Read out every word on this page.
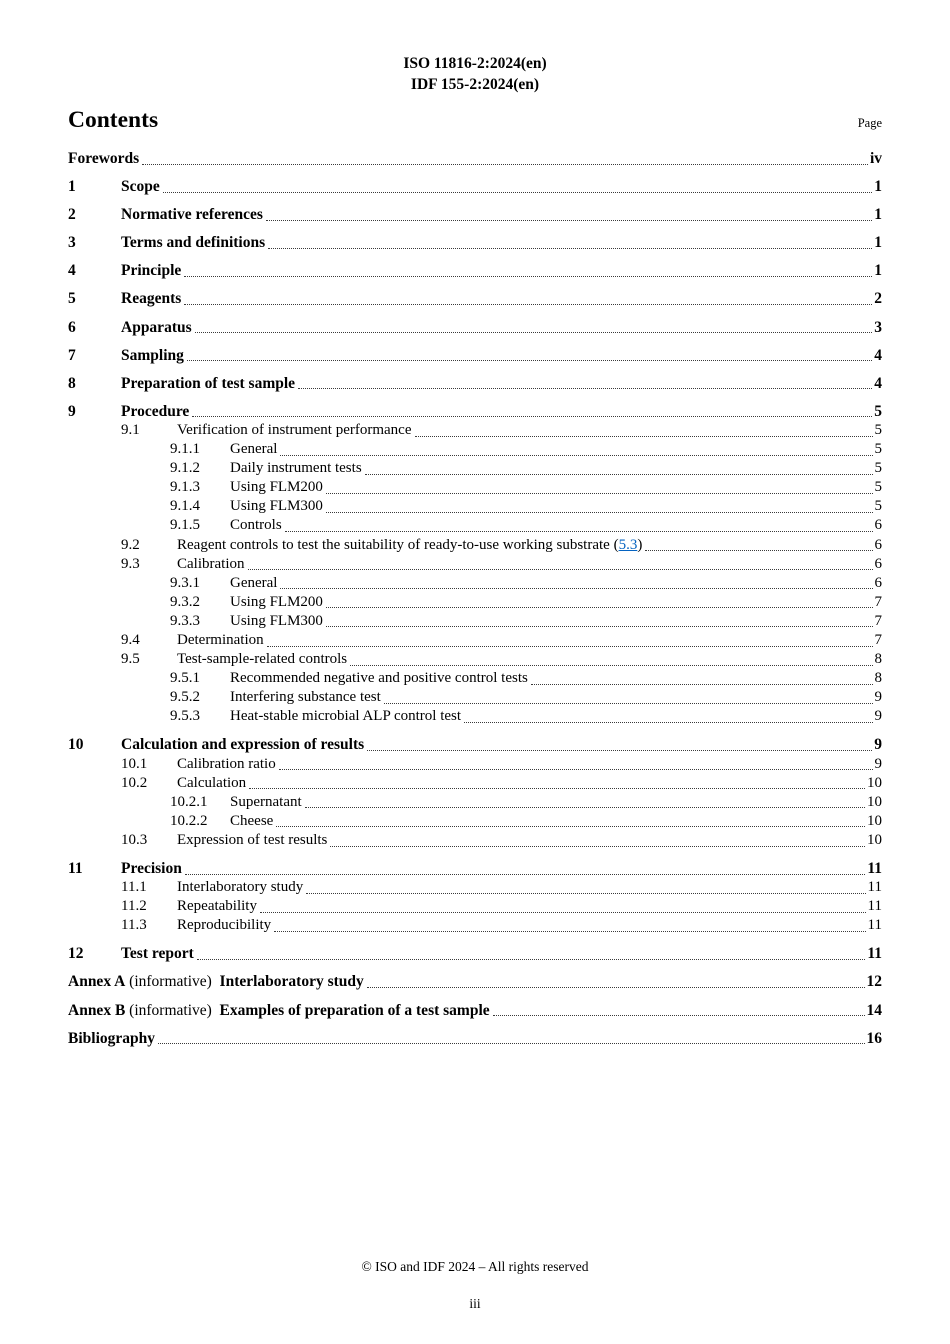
ISO 11816-2:2024(en)
IDF 155-2:2024(en)
Contents	Page
Forewords	iv
1	Scope	1
2	Normative references	1
3	Terms and definitions	1
4	Principle	1
5	Reagents	2
6	Apparatus	3
7	Sampling	4
8	Preparation of test sample	4
9	Procedure	5
9.1	Verification of instrument performance	5
9.1.1	General	5
9.1.2	Daily instrument tests	5
9.1.3	Using FLM200	5
9.1.4	Using FLM300	5
9.1.5	Controls	6
9.2	Reagent controls to test the suitability of ready-to-use working substrate (5.3)	6
9.3	Calibration	6
9.3.1	General	6
9.3.2	Using FLM200	7
9.3.3	Using FLM300	7
9.4	Determination	7
9.5	Test-sample-related controls	8
9.5.1	Recommended negative and positive control tests	8
9.5.2	Interfering substance test	9
9.5.3	Heat-stable microbial ALP control test	9
10	Calculation and expression of results	9
10.1	Calibration ratio	9
10.2	Calculation	10
10.2.1	Supernatant	10
10.2.2	Cheese	10
10.3	Expression of test results	10
11	Precision	11
11.1	Interlaboratory study	11
11.2	Repeatability	11
11.3	Reproducibility	11
12	Test report	11
Annex A (informative)  Interlaboratory study	12
Annex B (informative)  Examples of preparation of a test sample	14
Bibliography	16
© ISO and IDF 2024 – All rights reserved
iii
